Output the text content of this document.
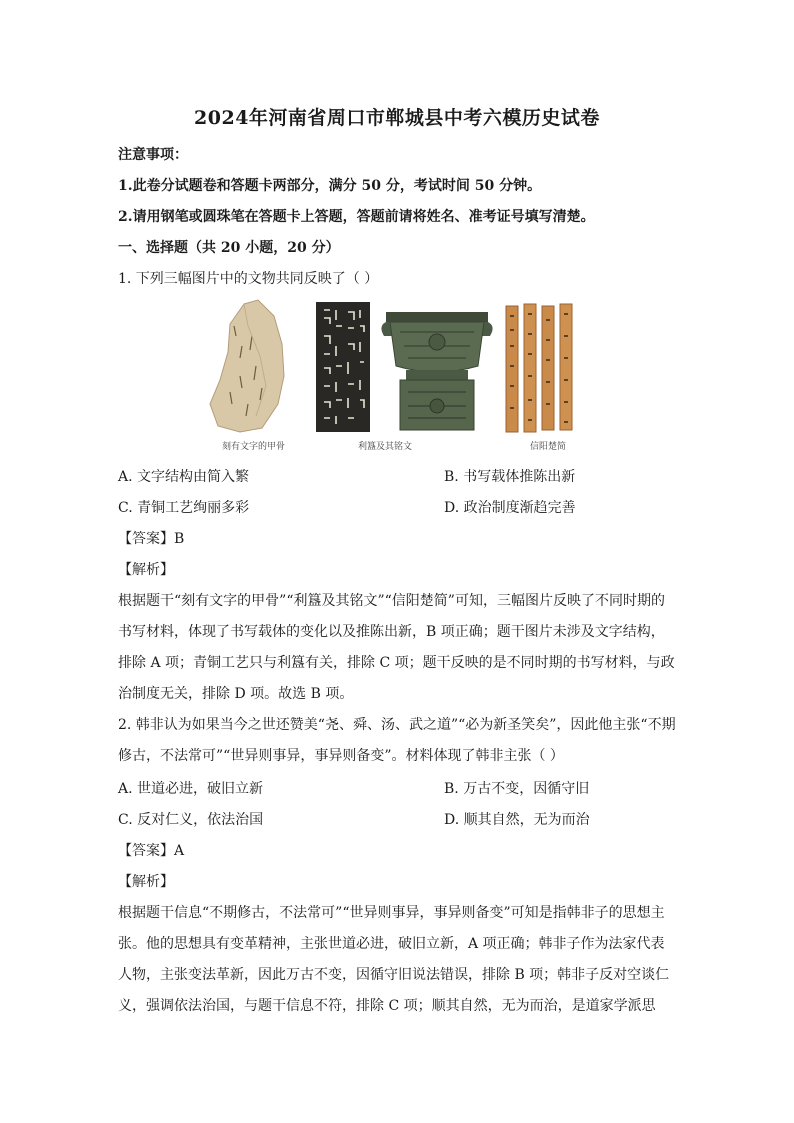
2024年河南省周口市郸城县中考六模历史试卷
注意事项：
1.此卷分试题卷和答题卡两部分，满分 50 分，考试时间 50 分钟。
2.请用钢笔或圆珠笔在答题卡上答题，答题前请将姓名、准考证号填写清楚。
一、选择题（共 20 小题，20 分）
1. 下列三幅图片中的文物共同反映了（ ）
刻有文字的甲骨	利簋及其铭文	信阳楚简
A. 文字结构由简入繁	B. 书写载体推陈出新
C. 青铜工艺绚丽多彩	D. 政治制度渐趋完善
【答案】B
【解析】
根据题干“刻有文字的甲骨”“利簋及其铭文”“信阳楚简”可知，三幅图片反映了不同时期的
书写材料，体现了书写载体的变化以及推陈出新，B 项正确；题干图片未涉及文字结构，
排除 A 项；青铜工艺只与利簋有关，排除 C 项；题干反映的是不同时期的书写材料，与政
治制度无关，排除 D 项。故选 B 项。
2. 韩非认为如果当今之世还赞美“尧、舜、汤、武之道”“必为新圣笑矣”，因此他主张“不期
修古，不法常可”“世异则事异，事异则备变”。材料体现了韩非主张（ ）
A. 世道必进，破旧立新	B. 万古不变，因循守旧
C. 反对仁义，依法治国	D. 顺其自然，无为而治
【答案】A
【解析】
根据题干信息“不期修古，不法常可”“世异则事异，事异则备变”可知是指韩非子的思想主
张。他的思想具有变革精神，主张世道必进，破旧立新，A 项正确；韩非子作为法家代表
人物，主张变法革新，因此万古不变，因循守旧说法错误，排除 B 项；韩非子反对空谈仁
义，强调依法治国，与题干信息不符，排除 C 项；顺其自然，无为而治，是道家学派思
